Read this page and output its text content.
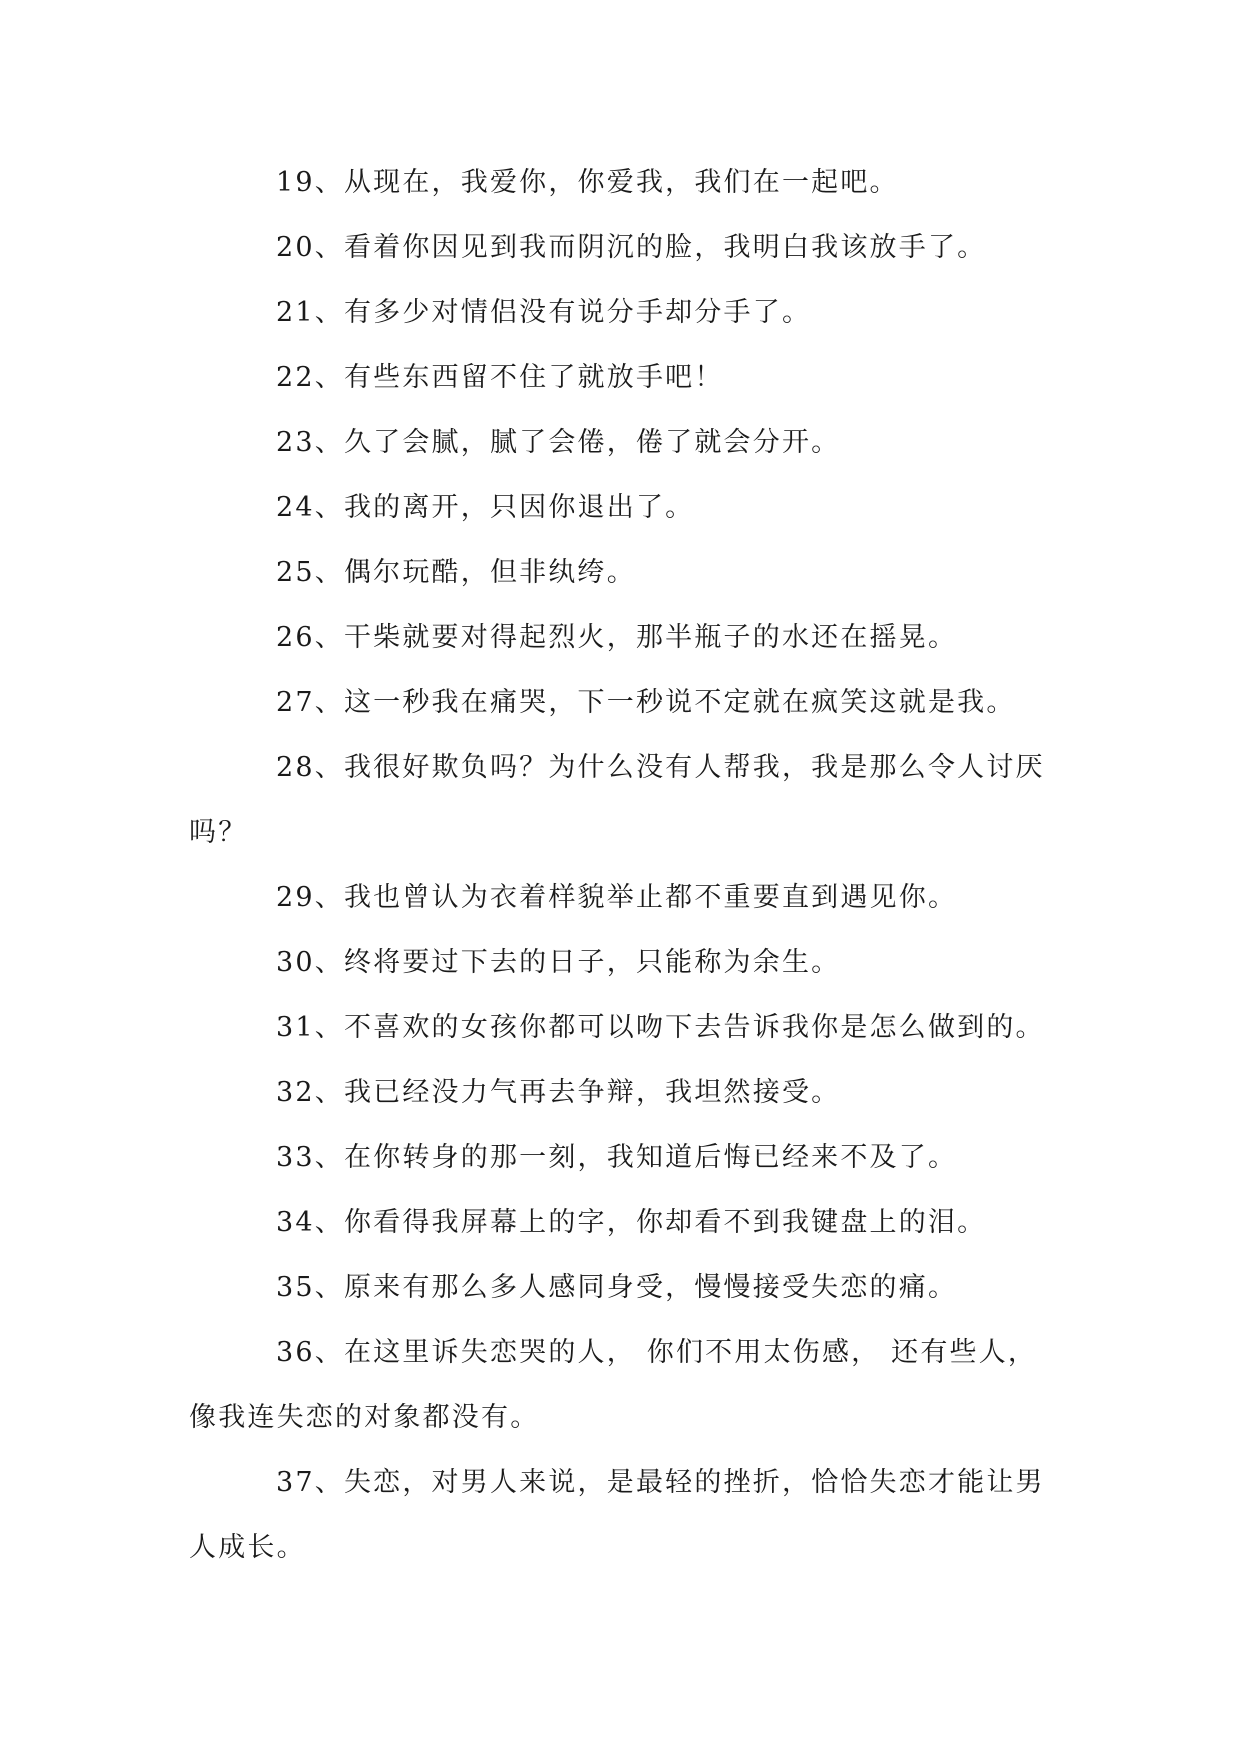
19、从现在，我爱你，你爱我，我们在一起吧。

20、看着你因见到我而阴沉的脸，我明白我该放手了。

21、有多少对情侣没有说分手却分手了。

22、有些东西留不住了就放手吧！

23、久了会腻，腻了会倦，倦了就会分开。

24、我的离开，只因你退出了。

25、偶尔玩酷，但非纨绔。

26、干柴就要对得起烈火，那半瓶子的水还在摇晃。

27、这一秒我在痛哭，下一秒说不定就在疯笑这就是我。

28、我很好欺负吗？为什么没有人帮我，我是那么令人讨厌吗？

29、我也曾认为衣着样貌举止都不重要直到遇见你。

30、终将要过下去的日子，只能称为余生。

31、不喜欢的女孩你都可以吻下去告诉我你是怎么做到的。

32、我已经没力气再去争辩，我坦然接受。

33、在你转身的那一刻，我知道后悔已经来不及了。

34、你看得我屏幕上的字，你却看不到我键盘上的泪。

35、原来有那么多人感同身受，慢慢接受失恋的痛。

36、在这里诉失恋哭的人， 你们不用太伤感， 还有些人，像我连失恋的对象都没有。

37、失恋，对男人来说，是最轻的挫折，恰恰失恋才能让男人成长。
